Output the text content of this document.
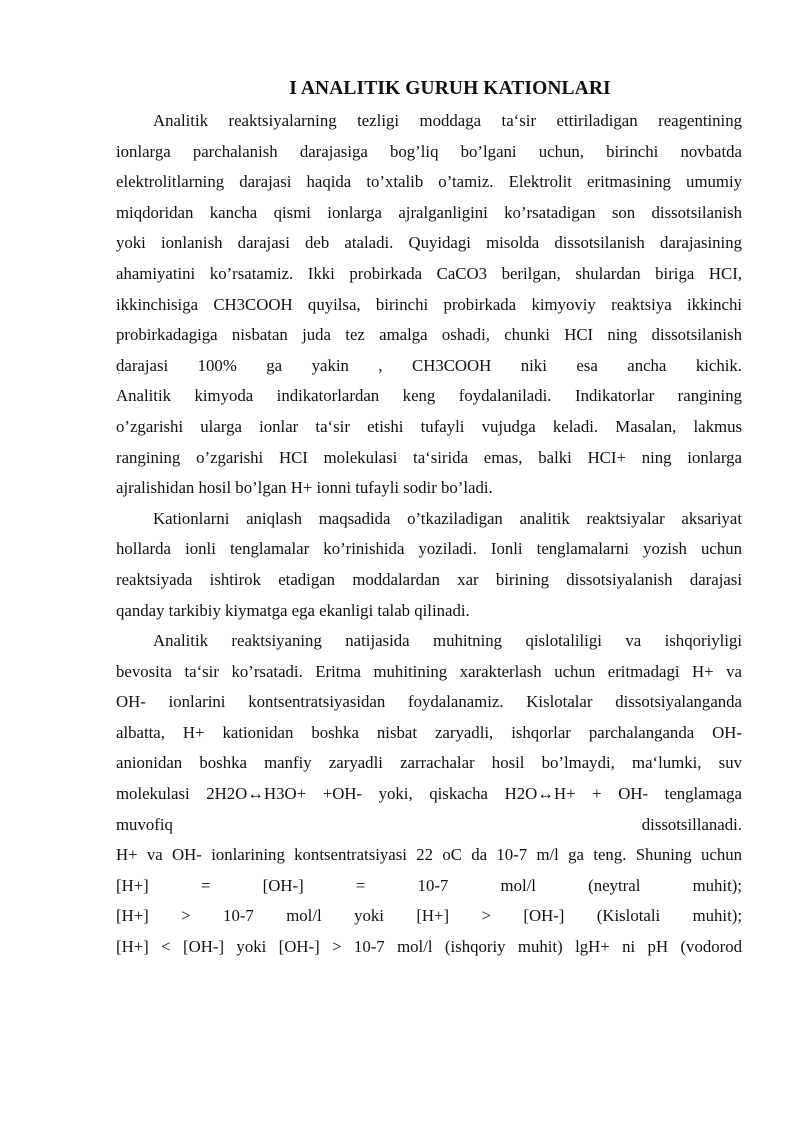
I ANALITIK GURUH KATIONLARI
Analitik reaktsiyalarning tezligi moddaga ta‘sir ettiriladigan reagentining
ionlarga parchalanish darajasiga bog’liq bo’lgani uchun, birinchi novbatda
elektrolitlarning darajasi haqida to’xtalib o’tamiz. Elektrolit eritmasining umumiy
miqdoridan kancha qismi ionlarga ajralganligini ko’rsatadigan son dissotsilanish
yoki ionlanish darajasi deb ataladi. Quyidagi misolda dissotsilanish darajasining
ahamiyatini ko’rsatamiz. Ikki probirkada CaCO3 berilgan, shulardan biriga HCI,
ikkinchisiga CH3COOH quyilsa, birinchi probirkada kimyoviy reaktsiya ikkinchi
probirkadagiga nisbatan juda tez amalga oshadi, chunki HCI ning dissotsilanish
darajasi 100% ga yakin , CH3COOH niki esa ancha kichik.
Analitik kimyoda indikatorlardan keng foydalaniladi. Indikatorlar rangining
o’zgarishi ularga ionlar ta‘sir etishi tufayli vujudga keladi. Masalan, lakmus
rangining o’zgarishi HCI molekulasi ta‘sirida emas, balki HCI+ ning ionlarga
ajralishidan hosil bo’lgan H+ ionni tufayli sodir bo’ladi.
Kationlarni aniqlash maqsadida o’tkaziladigan analitik reaktsiyalar aksariyat
hollarda ionli tenglamalar ko’rinishida yoziladi. Ionli tenglamalarni yozish uchun
reaktsiyada ishtirok etadigan moddalardan xar birining dissotsiyalanish darajasi
qanday tarkibiy kiymatga ega ekanligi talab qilinadi.
Analitik reaktsiyaning natijasida muhitning qislotaliligi va ishqoriyligi
bevosita ta‘sir ko’rsatadi. Eritma muhitining xarakterlash uchun eritmadagi H+ va
OH- ionlarini kontsentratsiyasidan foydalanamiz. Kislotalar dissotsiyalanganda
albatta, H+ kationidan boshka nisbat zaryadli, ishqorlar parchalanganda OH-
anionidan boshka manfiy zaryadli zarrachalar hosil bo’lmaydi, ma‘lumki, suv
molekulasi 2H2O↔H3O+ +OH- yoki, qiskacha H2O↔H+ + OH- tenglamaga
muvofiq dissotsillanadi.
H+ va OH- ionlarining kontsentratsiyasi 22 oC da 10-7 m/l ga teng. Shuning uchun
[H+] = [OH-] = 10-7 mol/l (neytral muhit);
[H+] > 10-7 mol/l yoki [H+] > [OH-] (Kislotali muhit);
[H+] < [OH-] yoki [OH-] > 10-7 mol/l (ishqoriy muhit) lgH+ ni pH (vodorod
